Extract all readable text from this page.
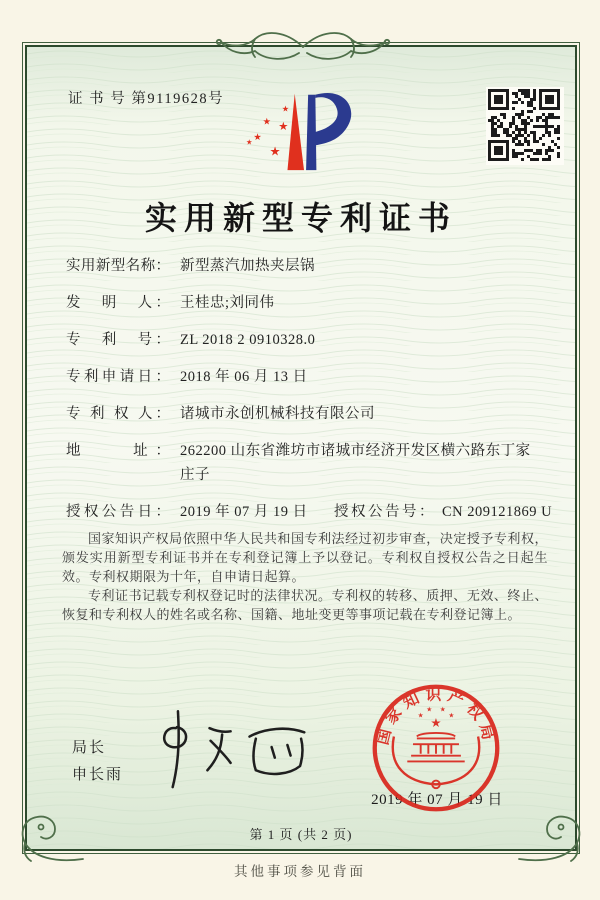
证 书 号 第9119628号
★
★ ★
★
★
★
实用新型专利证书
实用新型名称： 新型蒸汽加热夹层锅
发　明　人： 王桂忠;刘同伟
专　利　号： ZL 2018 2 0910328.0
专利申请日： 2018 年 06 月 13 日
专 利 权 人： 诸城市永创机械科技有限公司
地　　址： 262200 山东省潍坊市诸城市经济开发区横六路东丁家庄子
授权公告日： 2019 年 07 月 19 日	授权公告号： CN 209121869 U

国家知识产权局依照中华人民共和国专利法经过初步审查，决定授予专利权，颁发实用新型专利证书并在专利登记簿上予以登记。专利权自授权公告之日起生效。专利权期限为十年，自申请日起算。

专利证书记载专利权登记时的法律状况。专利权的转移、质押、无效、终止、恢复和专利权人的姓名或名称、国籍、地址变更等事项记载在专利登记簿上。

局长
申长雨
2019 年 07 月 19 日
国家知识产权局
★
★
★ ★
★
第 1 页 (共 2 页)
其他事项参见背面
